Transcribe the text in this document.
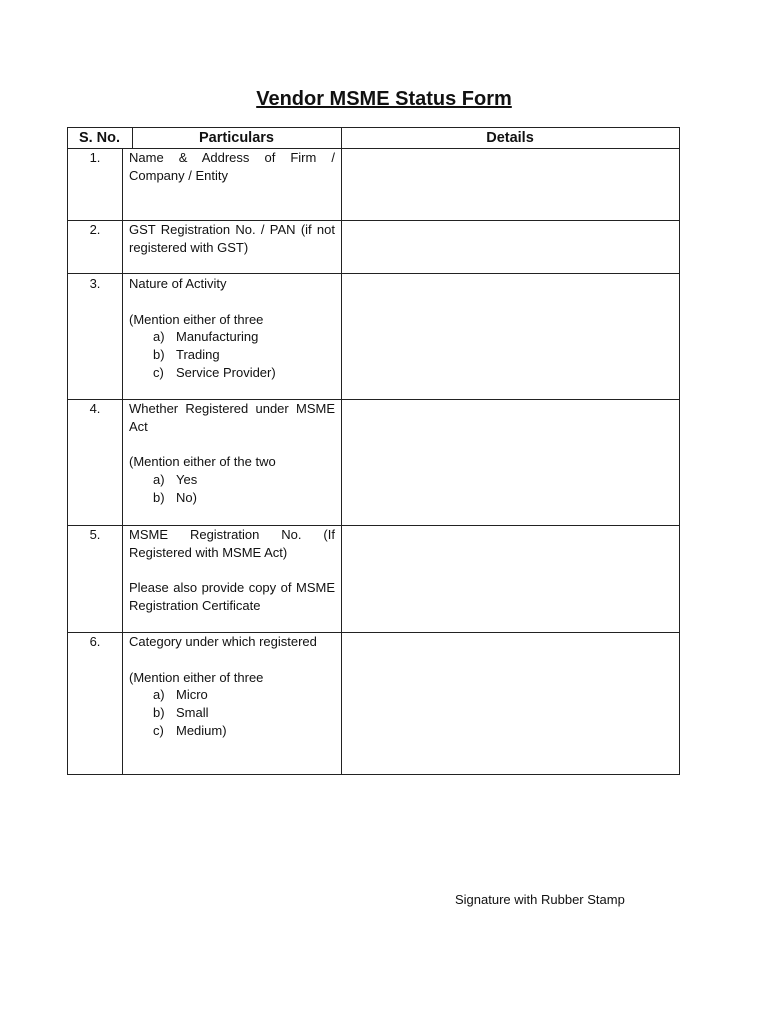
Vendor MSME Status Form
S. No.	Particulars	Details
1.	Name & Address of Firm / Company / Entity
2.	GST Registration No. / PAN (if not registered with GST)
3.	Nature of Activity

(Mention either of three

a) Manufacturing
b) Trading
c) Service Provider)
4.	Whether Registered under MSME Act

(Mention either of the two

a) Yes
b) No)
5.	MSME Registration No. (If Registered with MSME Act)

Please also provide copy of MSME Registration Certificate

6.	Category under which registered

(Mention either of three

a) Micro
b) Small
c) Medium)
Signature with Rubber Stamp
